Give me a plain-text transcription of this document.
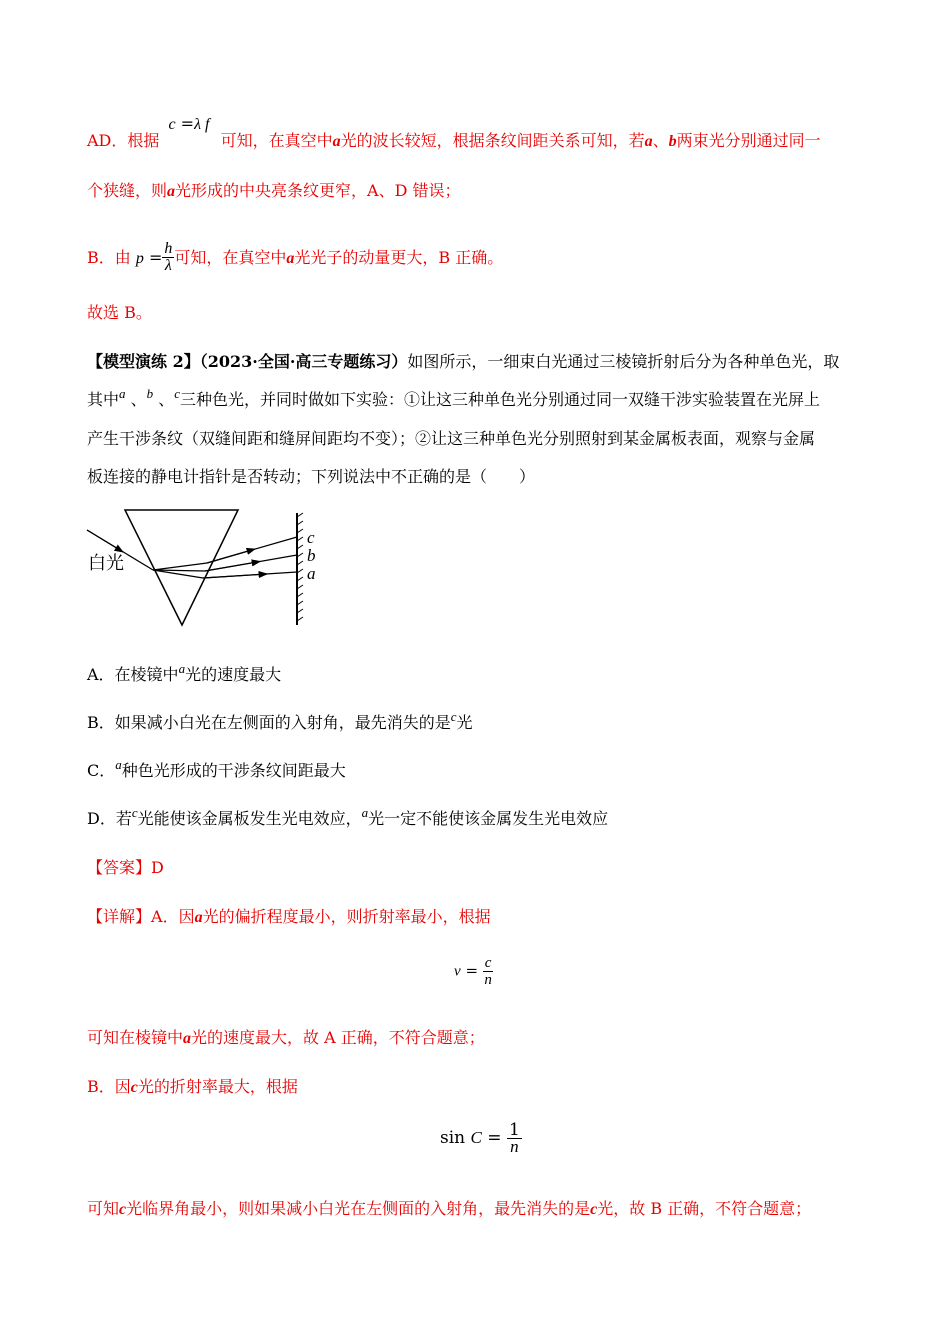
AD．根据 c =λ f 可知，在真空中a光的波长较短，根据条纹间距关系可知，若a、b两束光分别通过同一
个狭缝，则a光形成的中央亮条纹更窄，A、D 错误；
B．由 $p = \frac{h}{\lambda}$ 可知，在真空中a光光子的动量更大，B 正确。
故选 B。
【模型演练 2】（2023·全国·高三专题练习）如图所示，一细束白光通过三棱镜折射后分为各种单色光，取
其中$^a$ 、$^b$ 、$^c$三种色光，并同时做如下实验：①让这三种单色光分别通过同一双缝干涉实验装置在光屏上
产生干涉条纹（双缝间距和缝屏间距均不变）；②让这三种单色光分别照射到某金属板表面，观察与金属
板连接的静电计指针是否转动；下列说法中不正确的是（　　）
白光
c
b
a
A．在棱镜中$^a$光的速度最大
B．如果减小白光在左侧面的入射角，最先消失的是$^c$光
C．$^a$种色光形成的干涉条纹间距最大
D．若$^c$光能使该金属板发生光电效应，$^a$光一定不能使该金属发生光电效应
【答案】D
【详解】A．因a光的偏折程度最小，则折射率最小，根据
$v = \frac{c}{n}$
可知在棱镜中a光的速度最大，故 A 正确，不符合题意；
B．因c光的折射率最大，根据
$\sin C = \frac{1}{n}$
可知c光临界角最小，则如果减小白光在左侧面的入射角，最先消失的是c光，故 B 正确，不符合题意；
